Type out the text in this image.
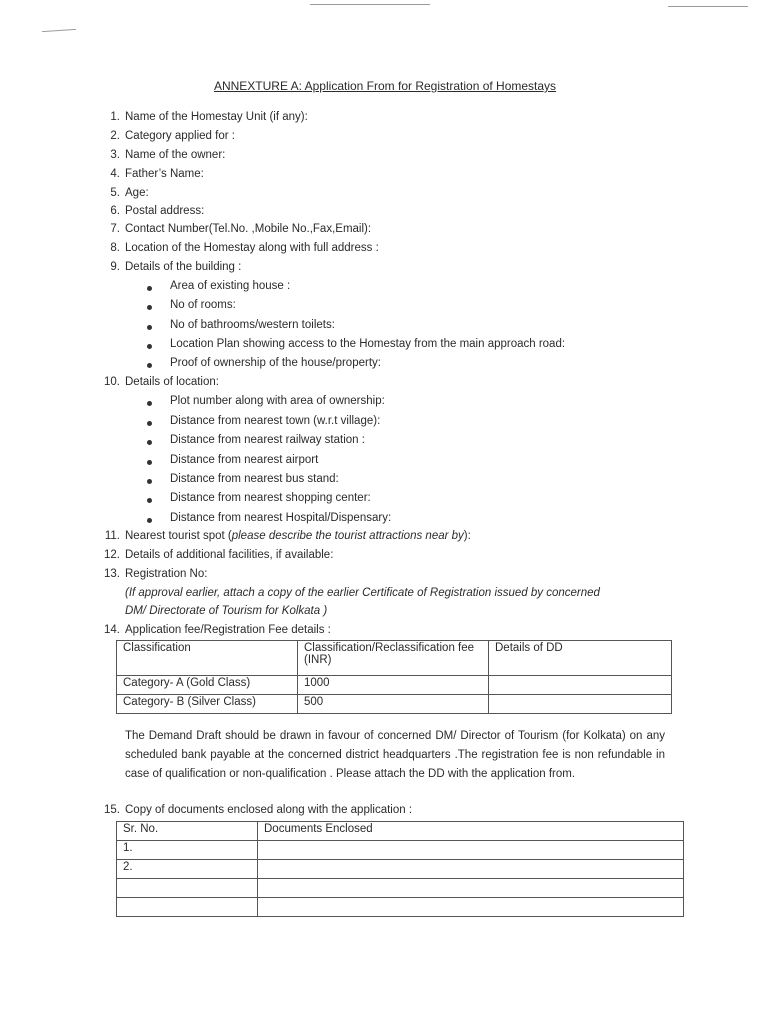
ANNEXTURE A: Application From for Registration of Homestays
1. Name of the Homestay Unit (if any):
2. Category applied for :
3. Name of the owner:
4. Father’s Name:
5. Age:
6. Postal address:
7. Contact Number(Tel.No. ,Mobile No.,Fax,Email):
8. Location of the Homestay along with full address :
9. Details of the building :
Area of existing house :
No of rooms:
No of bathrooms/western toilets:
Location Plan showing access to the Homestay from the main approach road:
Proof of ownership of the house/property:
10. Details of location:
Plot number along with area of ownership:
Distance from nearest town (w.r.t village):
Distance from nearest railway station :
Distance from nearest airport
Distance from nearest bus stand:
Distance from nearest shopping center:
Distance from nearest Hospital/Dispensary:
11. Nearest tourist spot (please describe the tourist attractions near by):
12. Details of additional facilities, if available:
13. Registration No:
(If approval earlier, attach a copy of the earlier Certificate of Registration issued by concerned
DM/ Directorate of Tourism for Kolkata )
14. Application fee/Registration Fee details :
Classification	Classification/Reclassification fee (INR)	Details of DD
Category- A (Gold Class)	1000	
Category- B (Silver Class)	500	
The Demand Draft should be drawn in favour of concerned DM/ Director of Tourism (for Kolkata) on any scheduled bank payable at the concerned district headquarters .The registration fee is non refundable in case of qualification or non-qualification . Please attach the DD with the application from.
15. Copy of documents enclosed along with the application :
Sr. No.	Documents Enclosed
1.	
2.	
